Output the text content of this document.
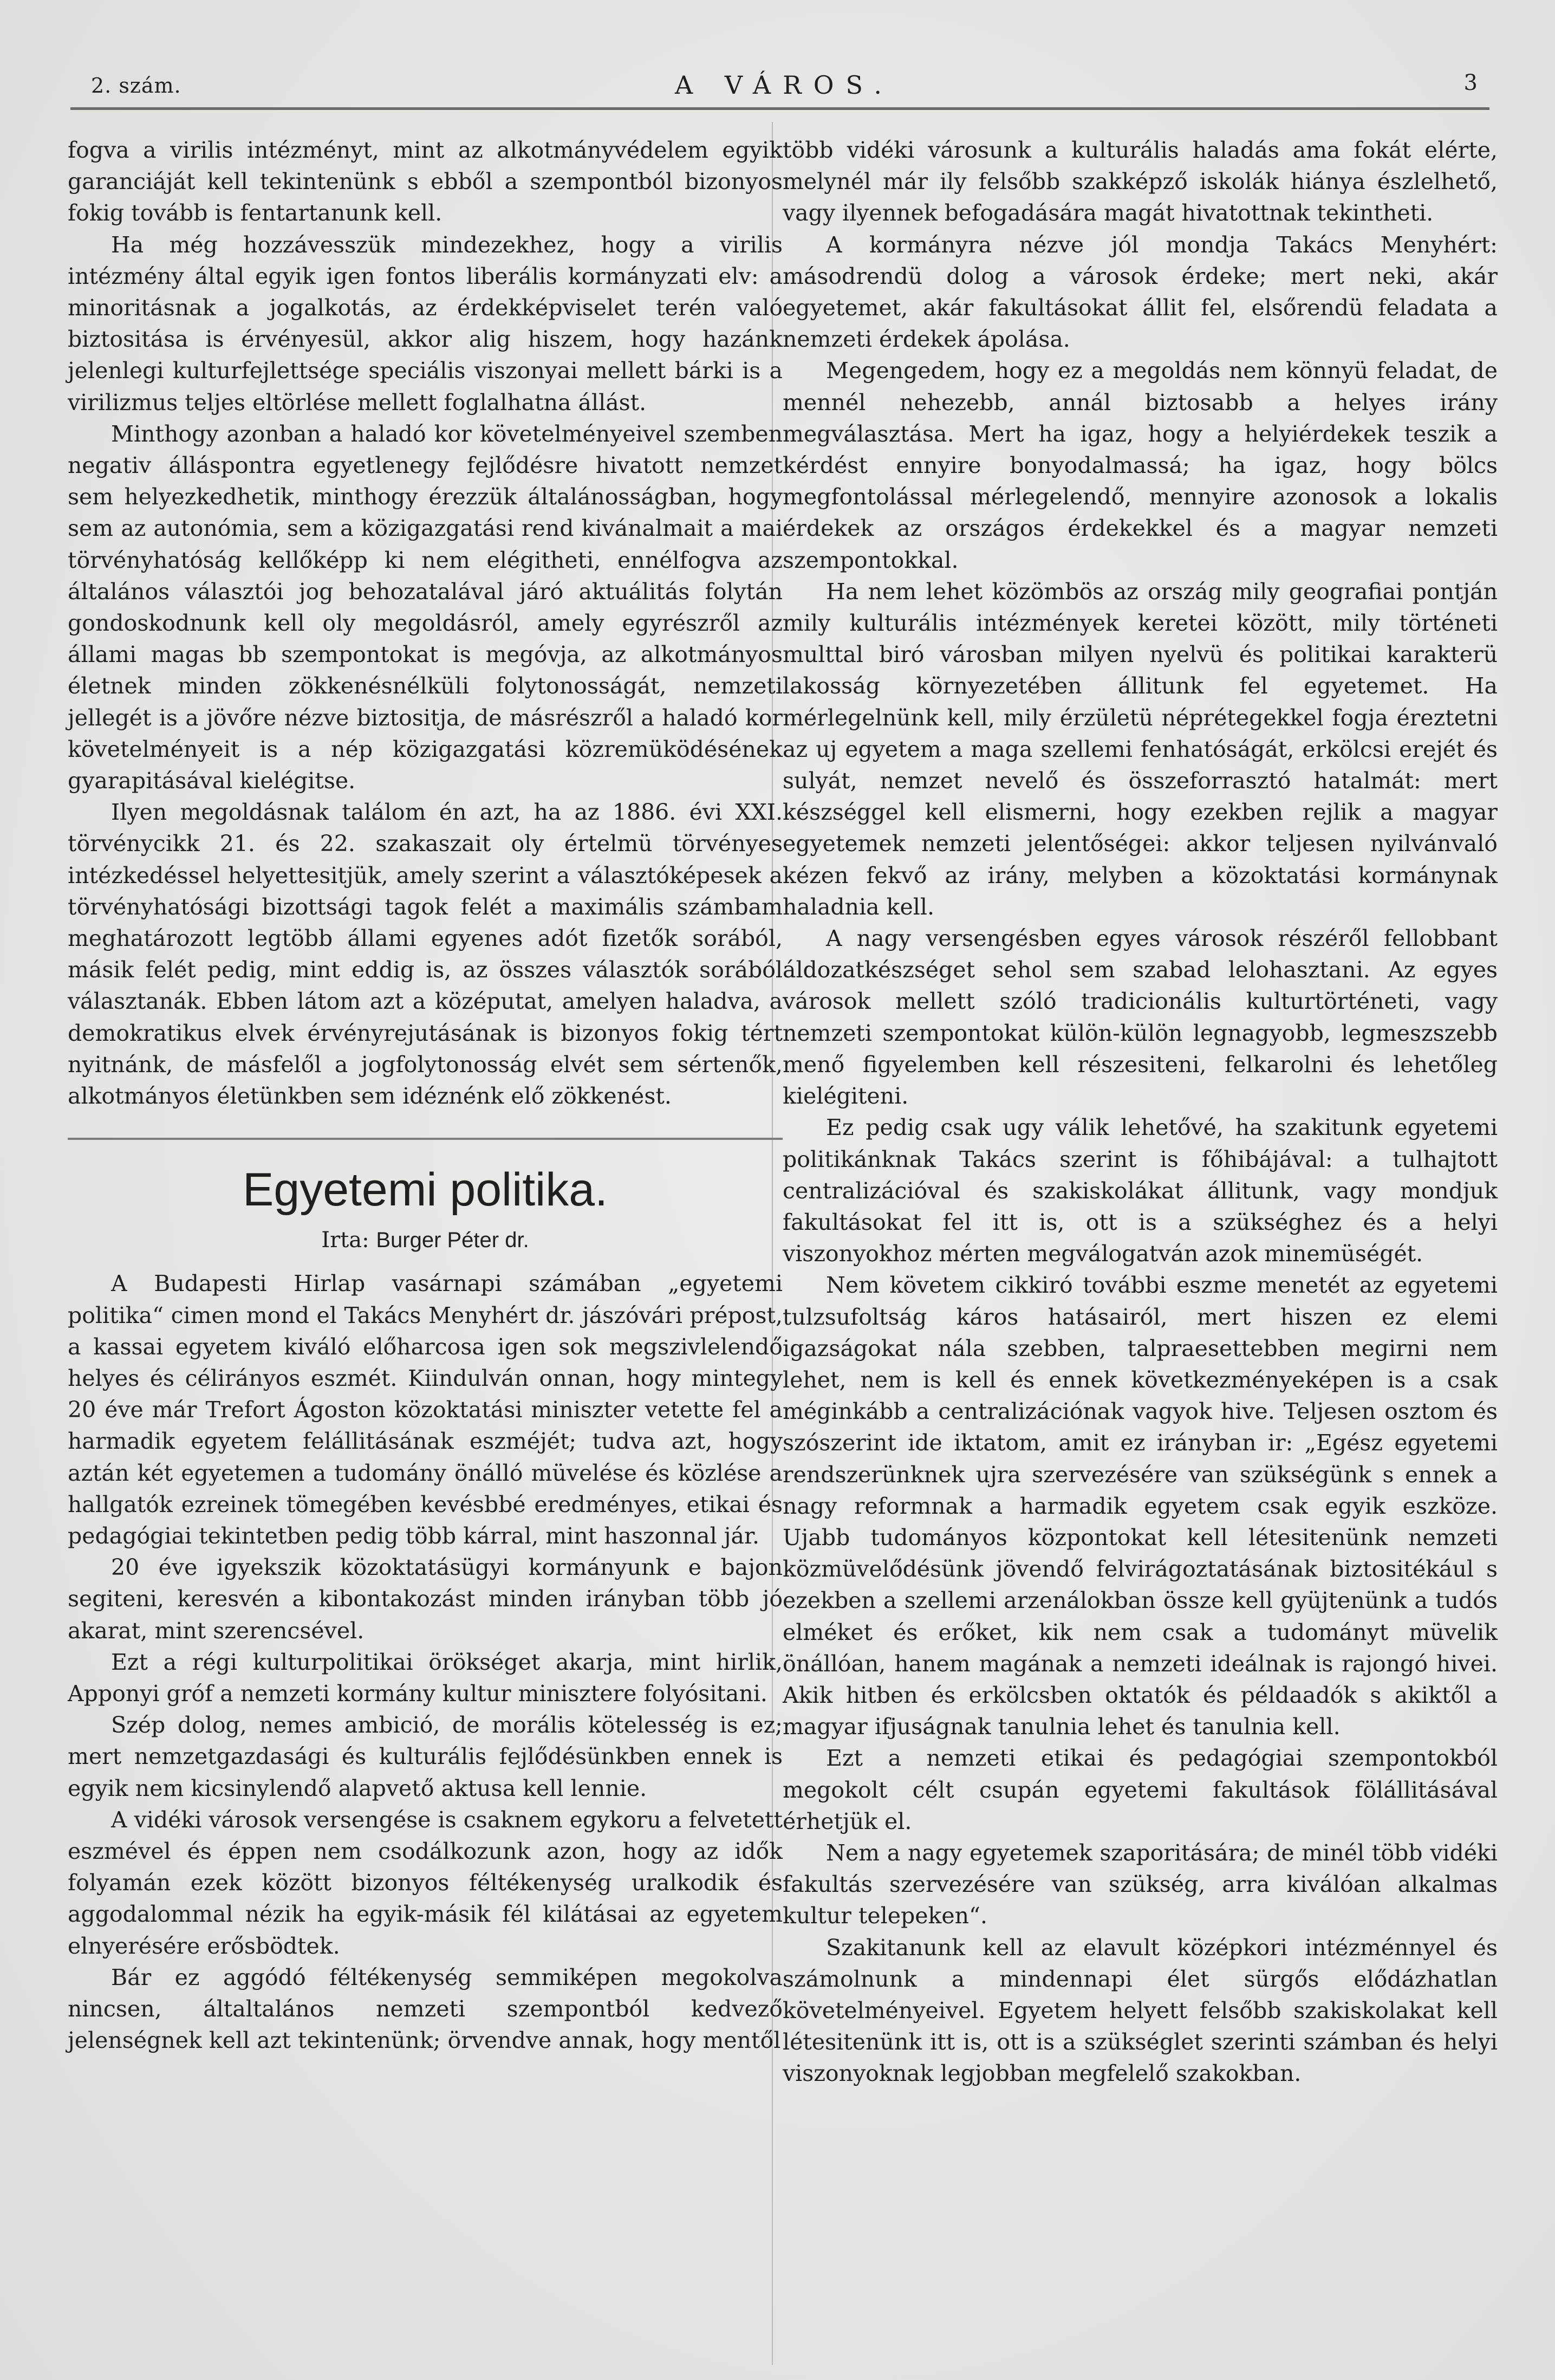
2. szám.	A VÁROS.	3

fogva a virilis intézményt, mint az alkotmányvédelem egyik garanciáját kell tekintenünk s ebből a szempontból bizonyos fokig tovább is fentartanunk kell.

Ha még hozzávesszük mindezekhez, hogy a virilis intézmény által egyik igen fontos liberális kormányzati elv: a minoritásnak a jogalkotás, az érdekképviselet terén való biztositása is érvényesül, akkor alig hiszem, hogy hazánk jelenlegi kulturfejlettsége speciális viszonyai mellett bárki is a virilizmus teljes eltörlése mellett foglalhatna állást.

Minthogy azonban a haladó kor követelményeivel szemben negativ álláspontra egyetlenegy fejlődésre hivatott nemzet sem helyezkedhetik, minthogy érezzük általánosságban, hogy sem az autonómia, sem a közigazgatási rend kivánalmait a mai törvényhatóság kellőképp ki nem elégitheti, ennélfogva az általános választói jog behozatalával járó aktuálitás folytán gondoskodnunk kell oly megoldásról, amely egyrészről az állami magas bb szempontokat is megóvja, az alkotmányos életnek minden zökkenésnélküli folytonosságát, nemzeti jellegét is a jövőre nézve biztositja, de másrészről a haladó kor követelményeit is a nép közigazgatási közremüködésének gyarapitásával kielégitse.

Ilyen megoldásnak találom én azt, ha az 1886. évi XXI. törvénycikk 21. és 22. szakaszait oly értelmü törvényes intézkedéssel helyettesitjük, amely szerint a választóképesek a törvényhatósági bizottsági tagok felét a maximális számbam meghatározott legtöbb állami egyenes adót fizetők sorából, másik felét pedig, mint eddig is, az összes választók sorából választanák. Ebben látom azt a középutat, amelyen haladva, a demokratikus elvek érvényrejutásának is bizonyos fokig tért nyitnánk, de másfelől a jogfolytonosság elvét sem sértenők, alkotmányos életünkben sem idéznénk elő zökkenést.

Egyetemi politika.
Irta: Burger Péter dr.

A Budapesti Hirlap vasárnapi számában „egyetemi politika“ cimen mond el Takács Menyhért dr. jászóvári prépost, a kassai egyetem kiváló előharcosa igen sok megszivlelendő helyes és célirányos eszmét. Kiindulván onnan, hogy mintegy 20 éve már Trefort Ágoston közoktatási miniszter vetette fel a harmadik egyetem felállitásának eszméjét; tudva azt, hogy aztán két egyetemen a tudomány önálló müvelése és közlése a hallgatók ezreinek tömegében kevésbbé eredményes, etikai és pedagógiai tekintetben pedig több kárral, mint haszonnal jár.

20 éve igyekszik közoktatásügyi kormányunk e bajon segiteni, keresvén a kibontakozást minden irányban több jó akarat, mint szerencsével.

Ezt a régi kulturpolitikai örökséget akarja, mint hirlik, Apponyi gróf a nemzeti kormány kultur minisztere folyósitani.

Szép dolog, nemes ambició, de morális kötelesség is ez; mert nemzetgazdasági és kulturális fejlődésünkben ennek is egyik nem kicsinylendő alapvető aktusa kell lennie.

A vidéki városok versengése is csaknem egykoru a felvetett eszmével és éppen nem csodálkozunk azon, hogy az idők folyamán ezek között bizonyos féltékenység uralkodik és aggodalommal nézik ha egyik-másik fél kilátásai az egyetem elnyerésére erősbödtek.

Bár ez aggódó féltékenység semmiképen megokolva nincsen, általtalános nemzeti szempontból kedvező jelenségnek kell azt tekintenünk; örvendve annak, hogy mentől

több vidéki városunk a kulturális haladás ama fokát elérte, melynél már ily felsőbb szakképző iskolák hiánya észlelhető, vagy ilyennek befogadására magát hivatottnak tekintheti.

A kormányra nézve jól mondja Takács Menyhért: másodrendü dolog a városok érdeke; mert neki, akár egyetemet, akár fakultásokat állit fel, elsőrendü feladata a nemzeti érdekek ápolása.

Megengedem, hogy ez a megoldás nem könnyü feladat, de mennél nehezebb, annál biztosabb a helyes irány megválasztása. Mert ha igaz, hogy a helyiérdekek teszik a kérdést ennyire bonyodalmassá; ha igaz, hogy bölcs megfontolással mérlegelendő, mennyire azonosok a lokalis érdekek az országos érdekekkel és a magyar nemzeti szempontokkal.

Ha nem lehet közömbös az ország mily geografiai pontján mily kulturális intézmények keretei között, mily történeti multtal biró városban milyen nyelvü és politikai karakterü lakosság környezetében állitunk fel egyetemet. Ha mérlegelnünk kell, mily érzületü néprétegekkel fogja éreztetni az uj egyetem a maga szellemi fenhatóságát, erkölcsi erejét és sulyát, nemzet nevelő és összeforrasztó hatalmát: mert készséggel kell elismerni, hogy ezekben rejlik a magyar egyetemek nemzeti jelentőségei: akkor teljesen nyilvánvaló kézen fekvő az irány, melyben a közoktatási kormánynak haladnia kell.

A nagy versengésben egyes városok részéről fellobbant áldozatkészséget sehol sem szabad lelohasztani. Az egyes városok mellett szóló tradicionális kulturtörténeti, vagy nemzeti szempontokat külön-külön legnagyobb, legmeszszebb menő figyelemben kell részesiteni, felkarolni és lehetőleg kielégiteni.

Ez pedig csak ugy válik lehetővé, ha szakitunk egyetemi politikánknak Takács szerint is főhibájával: a tulhajtott centralizációval és szakiskolákat állitunk, vagy mondjuk fakultásokat fel itt is, ott is a szükséghez és a helyi viszonyokhoz mérten megválogatván azok minemüségét.

Nem követem cikkiró további eszme menetét az egyetemi tulzsufoltság káros hatásairól, mert hiszen ez elemi igazságokat nála szebben, talpraesettebben megirni nem lehet, nem is kell és ennek következményeképen is a csak méginkább a centralizációnak vagyok hive. Teljesen osztom és szószerint ide iktatom, amit ez irányban ir: „Egész egyetemi rendszerünknek ujra szervezésére van szükségünk s ennek a nagy reformnak a harmadik egyetem csak egyik eszköze. Ujabb tudományos központokat kell létesitenünk nemzeti közmüvelődésünk jövendő felvirágoztatásának biztositékául s ezekben a szellemi arzenálokban össze kell gyüjtenünk a tudós elméket és erőket, kik nem csak a tudományt müvelik önállóan, hanem magának a nemzeti ideálnak is rajongó hivei. Akik hitben és erkölcsben oktatók és példaadók s akiktől a magyar ifjuságnak tanulnia lehet és tanulnia kell.

Ezt a nemzeti etikai és pedagógiai szempontokból megokolt célt csupán egyetemi fakultások fölállitásával érhetjük el.

Nem a nagy egyetemek szaporitására; de minél több vidéki fakultás szervezésére van szükség, arra kiválóan alkalmas kultur telepeken“.

Szakitanunk kell az elavult középkori intézménnyel és számolnunk a mindennapi élet sürgős elődázhatlan követelményeivel. Egyetem helyett felsőbb szakiskolakat kell létesitenünk itt is, ott is a szükséglet szerinti számban és helyi viszonyoknak legjobban megfelelő szakokban.
